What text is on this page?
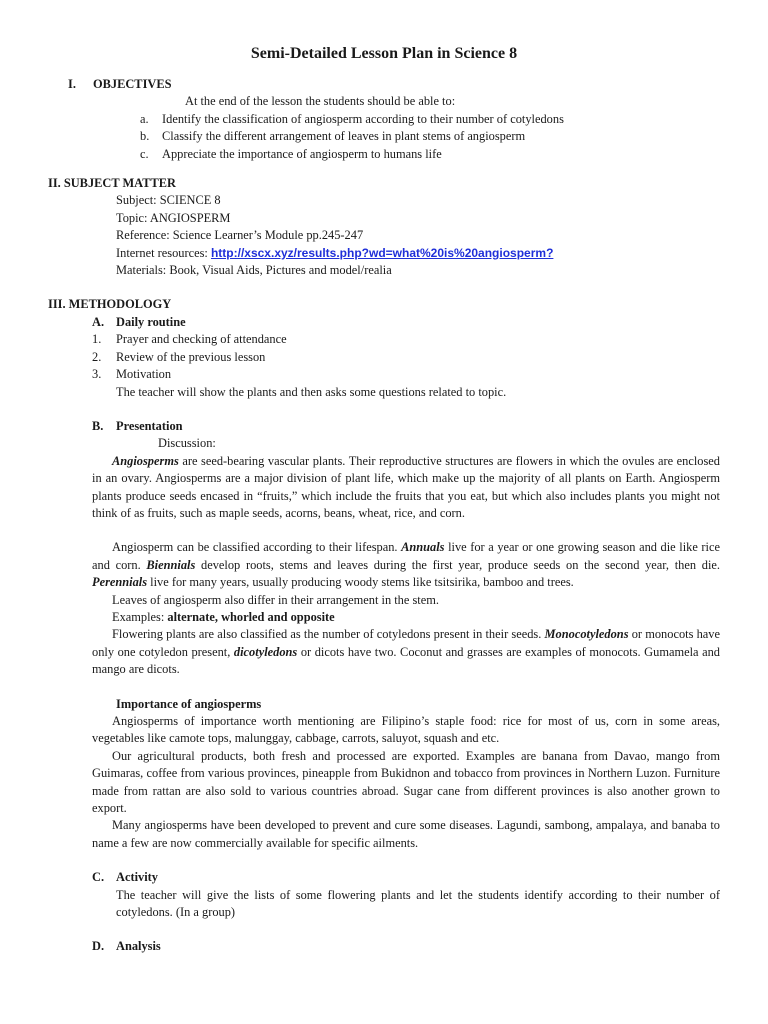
Semi-Detailed Lesson Plan in Science 8
I. OBJECTIVES
At the end of the lesson the students should be able to:
a.	Identify the classification of angiosperm according to their number of cotyledons
b.	Classify the different arrangement of leaves in plant stems of angiosperm
c.	Appreciate the importance of angiosperm to humans life
II. SUBJECT MATTER
Subject: SCIENCE 8
Topic: ANGIOSPERM
Reference: Science Learner’s Module pp.245-247
Internet resources: http://xscx.xyz/results.php?wd=what%20is%20angiosperm?
Materials: Book, Visual Aids, Pictures and model/realia
III. METHODOLOGY
A. Daily routine
1.	Prayer and checking of attendance
2.	Review of the previous lesson
3.	Motivation
The teacher will show the plants and then asks some questions related to topic.
B. Presentation
Discussion:

Angiosperms are seed-bearing vascular plants. Their reproductive structures are flowers in which the ovules are enclosed in an ovary. Angiosperms are a major division of plant life, which make up the majority of all plants on Earth. Angiosperm plants produce seeds encased in “fruits,” which include the fruits that you eat, but which also includes plants you might not think of as fruits, such as maple seeds, acorns, beans, wheat, rice, and corn.

Angiosperm can be classified according to their lifespan. Annuals live for a year or one growing season and die like rice and corn. Biennials develop roots, stems and leaves during the first year, produce seeds on the second year, then die. Perennials live for many years, usually producing woody stems like tsitsirika, bamboo and trees.

Leaves of angiosperm also differ in their arrangement in the stem.

Examples: alternate, whorled and opposite

Flowering plants are also classified as the number of cotyledons present in their seeds. Monocotyledons or monocots have only one cotyledon present, dicotyledons or dicots have two. Coconut and grasses are examples of monocots. Gumamela and mango are dicots.

Importance of angiosperms

Angiosperms of importance worth mentioning are Filipino’s staple food: rice for most of us, corn in some areas, vegetables like camote tops, malunggay, cabbage, carrots, saluyot, squash and etc.

Our agricultural products, both fresh and processed are exported. Examples are banana from Davao, mango from Guimaras, coffee from various provinces, pineapple from Bukidnon and tobacco from provinces in Northern Luzon. Furniture made from rattan are also sold to various countries abroad. Sugar cane from different provinces is also another grown to export.

Many angiosperms have been developed to prevent and cure some diseases. Lagundi, sambong, ampalaya, and banaba to name a few are now commercially available for specific ailments.

C. Activity

The teacher will give the lists of some flowering plants and let the students identify according to their number of cotyledons. (In a group)

D. Analysis
